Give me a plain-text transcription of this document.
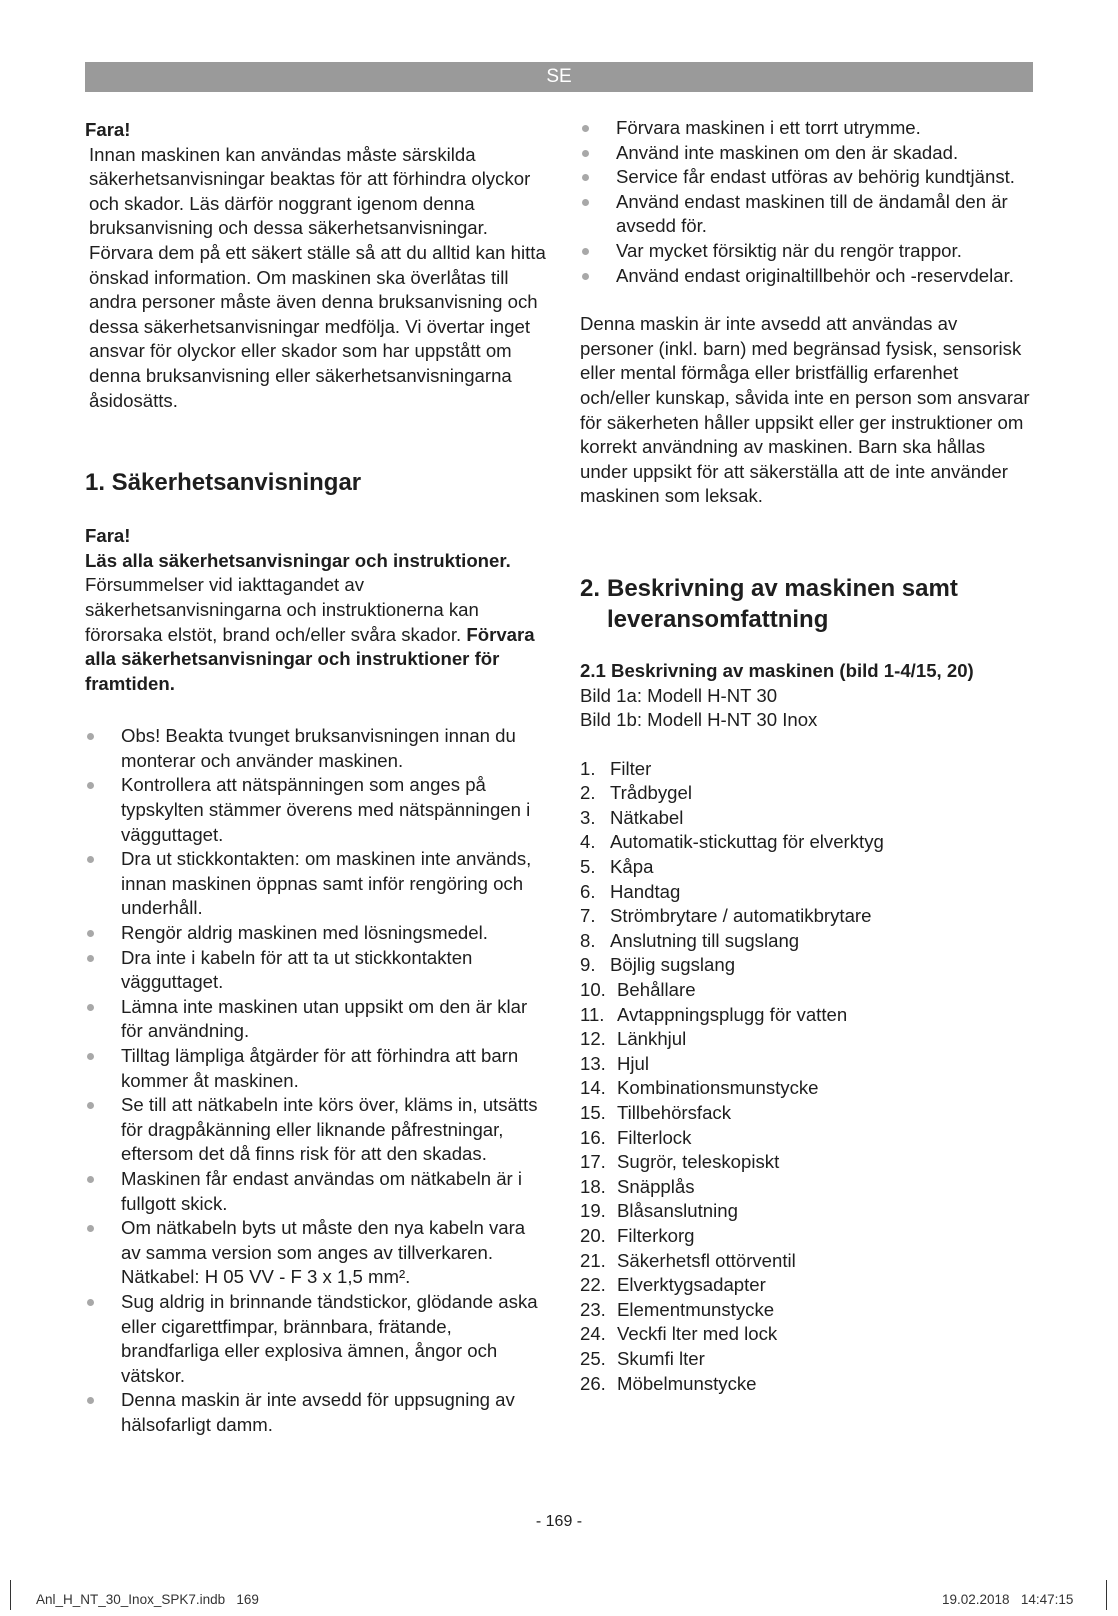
SE

Fara!

Innan maskinen kan användas måste särskilda säkerhetsanvisningar beaktas för att förhindra olyckor och skador. Läs därför noggrant igenom denna bruksanvisning och dessa säkerhetsanvisningar. Förvara dem på ett säkert ställe så att du alltid kan hitta önskad information. Om maskinen ska överlåtas till andra personer måste även denna bruksanvisning och dessa säkerhetsanvisningar medfölja. Vi övertar inget ansvar för olyckor eller skador som har uppstått om denna bruksanvisning eller säkerhetsanvisningarna åsidosätts.

1. Säkerhetsanvisningar

Fara!

Läs alla säkerhetsanvisningar och instruktioner. Försummelser vid iakttagandet av säkerhetsanvisningarna och instruktionerna kan förorsaka elstöt, brand och/eller svåra skador. Förvara alla säkerhetsanvisningar och instruktioner för framtiden.

Obs! Beakta tvunget bruksanvisningen innan du monterar och använder maskinen.
Kontrollera att nätspänningen som anges på typskylten stämmer överens med nätspänningen i vägguttaget.
Dra ut stickkontakten: om maskinen inte används, innan maskinen öppnas samt inför rengöring och underhåll.
Rengör aldrig maskinen med lösningsmedel.
Dra inte i kabeln för att ta ut stickkontakten vägguttaget.
Lämna inte maskinen utan uppsikt om den är klar för användning.
Tilltag lämpliga åtgärder för att förhindra att barn kommer åt maskinen.
Se till att nätkabeln inte körs över, kläms in, utsätts för dragpåkänning eller liknande påfrestningar, eftersom det då finns risk för att den skadas.
Maskinen får endast användas om nätkabeln är i fullgott skick.
Om nätkabeln byts ut måste den nya kabeln vara av samma version som anges av tillverkaren. Nätkabel: H 05 VV - F 3 x 1,5 mm².
Sug aldrig in brinnande tändstickor, glödande aska eller cigarettfimpar, brännbara, frätande, brandfarliga eller explosiva ämnen, ångor och vätskor.
Denna maskin är inte avsedd för uppsugning av hälsofarligt damm.
Förvara maskinen i ett torrt utrymme.
Använd inte maskinen om den är skadad.
Service får endast utföras av behörig kundtjänst.
Använd endast maskinen till de ändamål den är avsedd för.
Var mycket försiktig när du rengör trappor.
Använd endast originaltillbehör och -reservdelar.

Denna maskin är inte avsedd att användas av personer (inkl. barn) med begränsad fysisk, sensorisk eller mental förmåga eller bristfällig erfarenhet och/eller kunskap, såvida inte en person som ansvarar för säkerheten håller uppsikt eller ger instruktioner om korrekt användning av maskinen. Barn ska hållas under uppsikt för att säkerställa att de inte använder maskinen som leksak.

2. Beskrivning av maskinen samt leveransomfattning

2.1 Beskrivning av maskinen (bild 1-4/15, 20)

Bild 1a: Modell H-NT 30

Bild 1b: Modell H-NT 30 Inox

1. Filter
2. Trådbygel
3. Nätkabel
4. Automatik-stickuttag för elverktyg
5. Kåpa
6. Handtag
7. Strömbrytare / automatikbrytare
8. Anslutning till sugslang
9. Böjlig sugslang
10. Behållare
11. Avtappningsplugg för vatten
12. Länkhjul
13. Hjul
14. Kombinationsmunstycke
15. Tillbehörsfack
16. Filterlock
17. Sugrör, teleskopiskt
18. Snäpplås
19. Blåsanslutning
20. Filterkorg
21. Säkerhetsfl ottörventil
22. Elverktygsadapter
23. Elementmunstycke
24. Veckfi lter med lock
25. Skumfi lter
26. Möbelmunstycke
- 169 -
Anl_H_NT_30_Inox_SPK7.indb   169	19.02.2018   14:47:15
